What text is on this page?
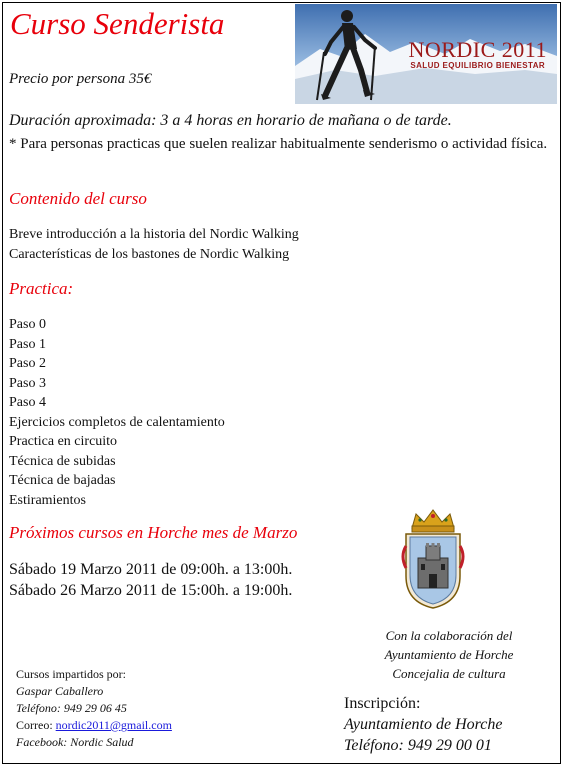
Curso Senderista
NORDIC 2011
SALUD EQUILIBRIO BIENESTAR
Precio por persona 35€
Duración aproximada: 3 a 4 horas en horario de mañana o de tarde.
* Para personas practicas que suelen realizar habitualmente senderismo o actividad física.
Contenido del curso
Breve introducción a la historia del Nordic Walking
Características de los bastones de Nordic Walking
Practica:
Paso 0
Paso 1
Paso 2
Paso 3
Paso 4
Ejercicios completos de calentamiento
Practica en circuito
Técnica de subidas
Técnica de bajadas
Estiramientos
Próximos cursos en Horche mes de Marzo
Sábado 19 Marzo 2011 de 09:00h. a 13:00h.
Sábado 26 Marzo 2011 de 15:00h. a 19:00h.
Con la colaboración del
Ayuntamiento de Horche
Concejalia de cultura
Cursos impartidos por:
Gaspar Caballero
Teléfono: 949 29 06 45
Correo: nordic2011@gmail.com
Facebook: Nordic Salud
Inscripción:
Ayuntamiento de Horche
Teléfono: 949 29 00 01
